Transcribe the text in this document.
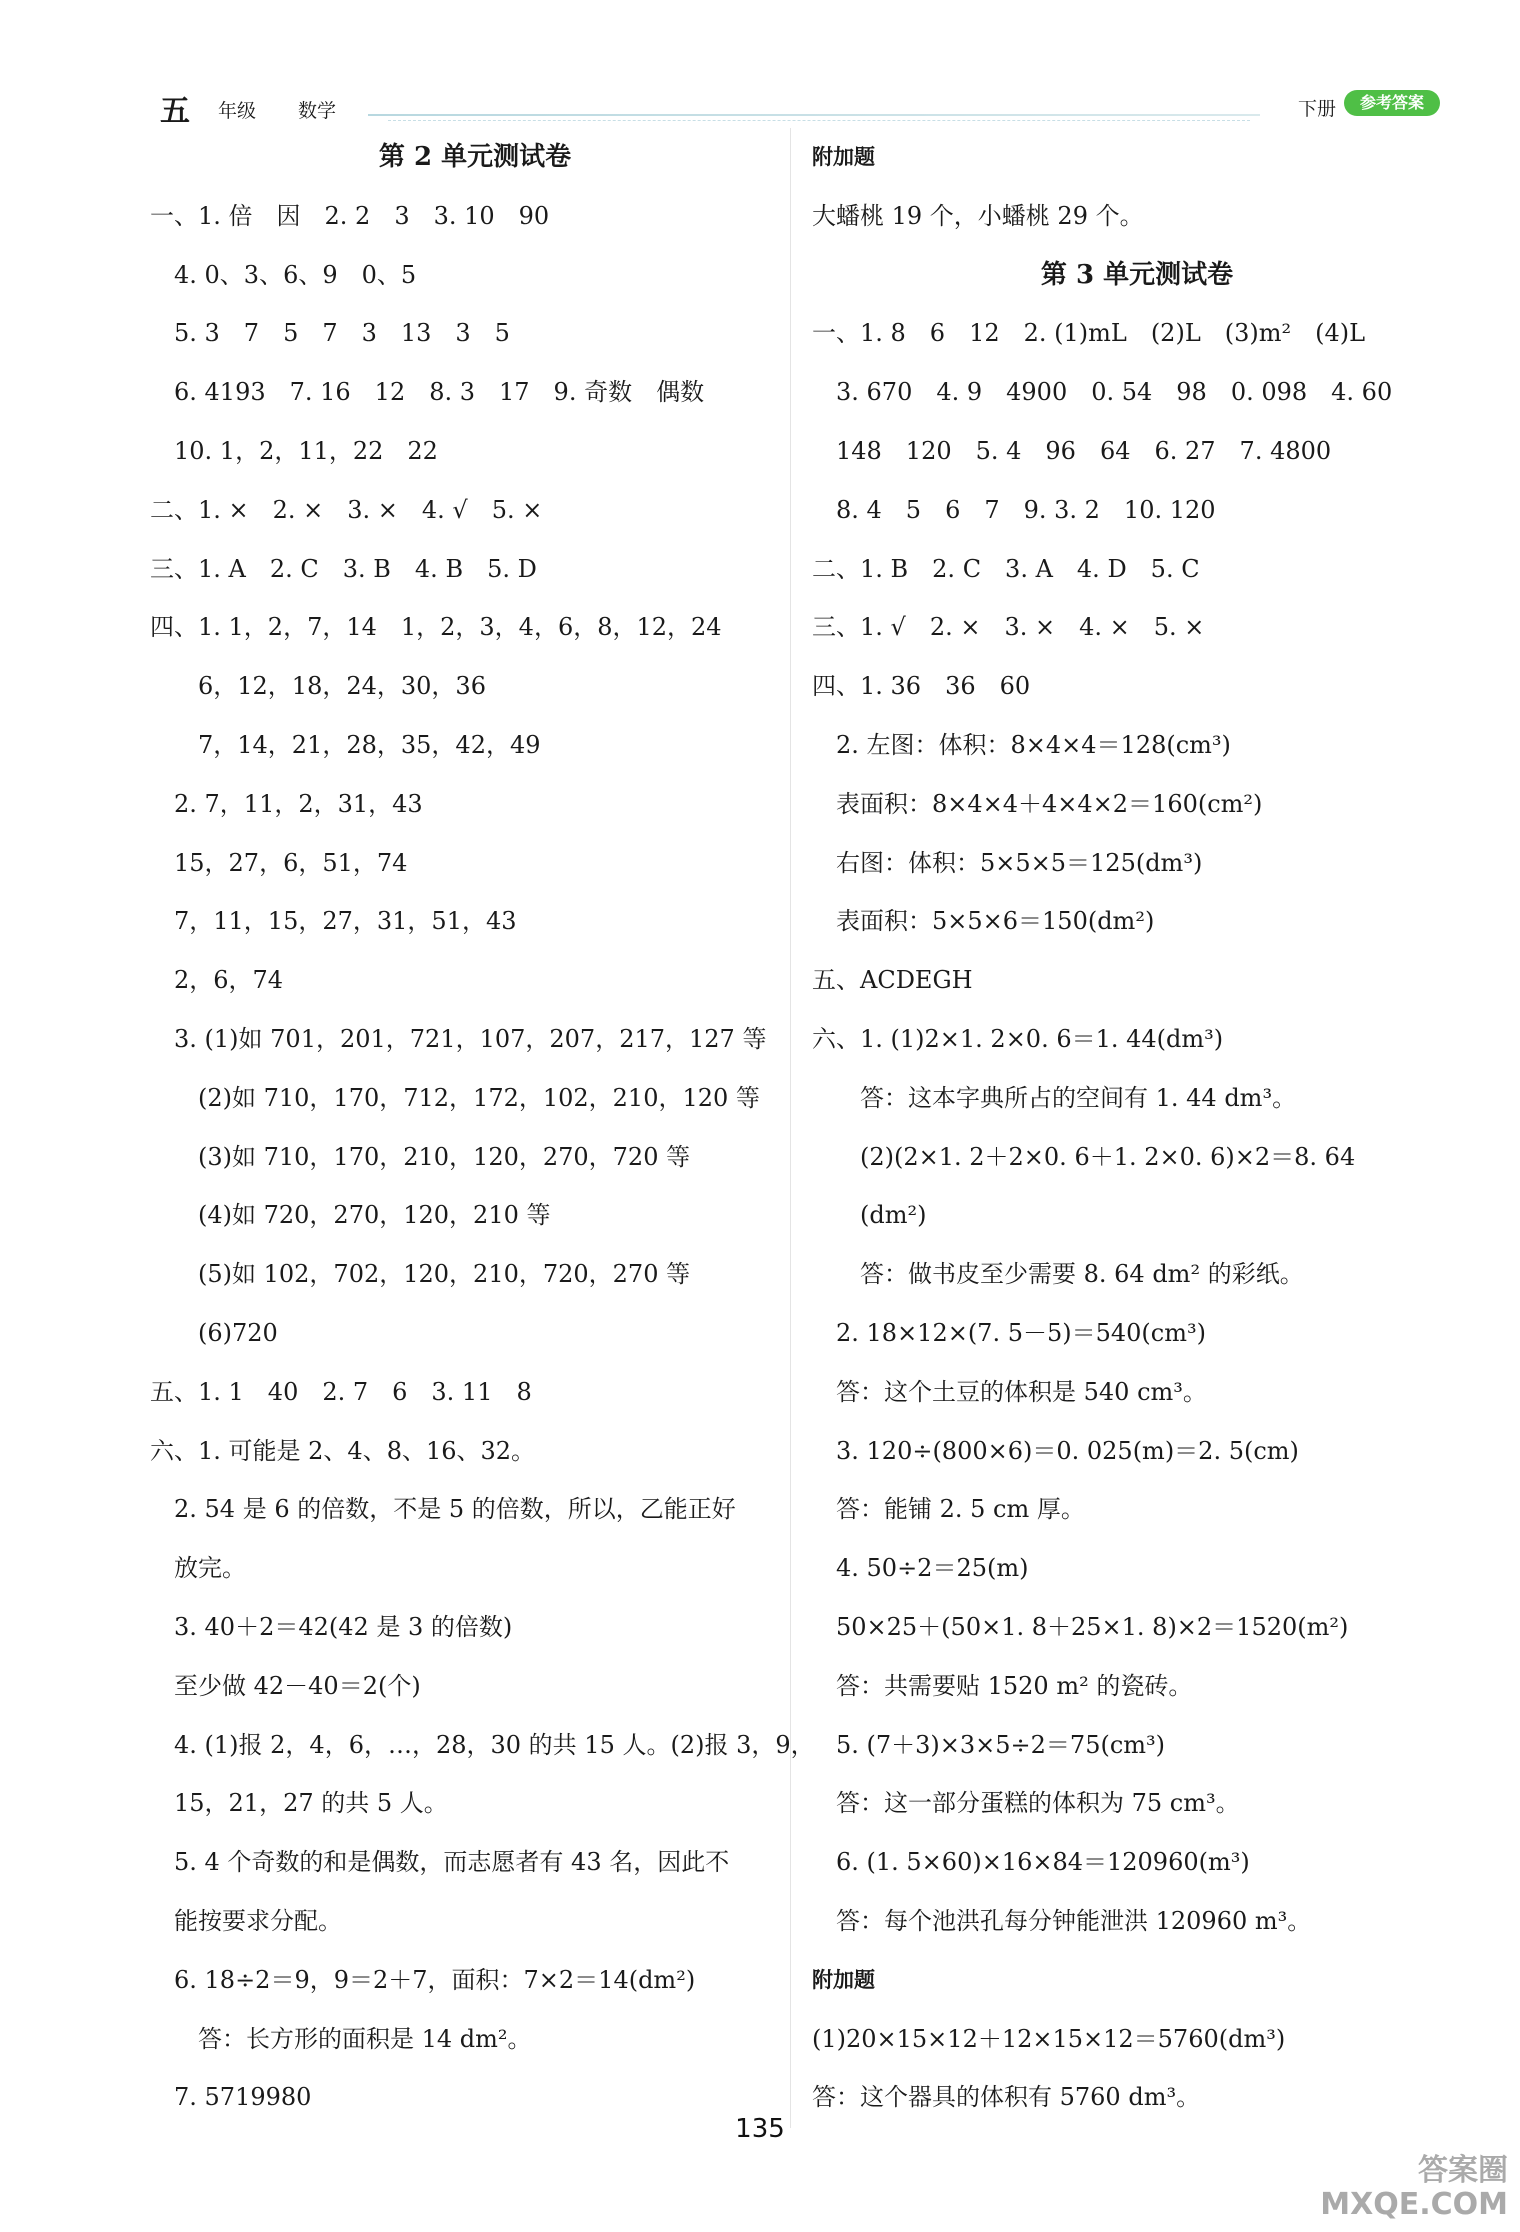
五 年级 数学	下册	参考答案
第 2 单元测试卷
一、1. 倍　因　2. 2　3　3. 10　90
　4. 0、3、6、9　0、5
　5. 3　7　5　7　3　13　3　5
　6. 4193　7. 16　12　8. 3　17　9. 奇数　偶数
　10. 1，2，11，22　22
二、1. ×　2. ×　3. ×　4. √　5. ×
三、1. A　2. C　3. B　4. B　5. D
四、1. 1，2，7，14　1，2，3，4，6，8，12，24
　　6，12，18，24，30，36
　　7，14，21，28，35，42，49
　2. 7，11，2，31，43
　15，27，6，51，74
　7，11，15，27，31，51，43
　2，6，74
　3. (1)如 701，201，721，107，207，217，127 等
　　(2)如 710，170，712，172，102，210，120 等
　　(3)如 710，170，210，120，270，720 等
　　(4)如 720，270，120，210 等
　　(5)如 102，702，120，210，720，270 等
　　(6)720
五、1. 1　40　2. 7　6　3. 11　8
六、1. 可能是 2、4、8、16、32。
　2. 54 是 6 的倍数，不是 5 的倍数，所以，乙能正好
　放完。
　3. 40＋2＝42(42 是 3 的倍数)
　至少做 42－40＝2(个)
　4. (1)报 2，4，6，…，28，30 的共 15 人。(2)报 3，9，
　15，21，27 的共 5 人。
　5. 4 个奇数的和是偶数，而志愿者有 43 名，因此不
　能按要求分配。
　6. 18÷2＝9，9＝2＋7，面积：7×2＝14(dm²)
　　答：长方形的面积是 14 dm²。
　7. 5719980
附加题
大蟠桃 19 个，小蟠桃 29 个。
第 3 单元测试卷
一、1. 8　6　12　2. (1)mL　(2)L　(3)m²　(4)L
　3. 670　4. 9　4900　0. 54　98　0. 098　4. 60
　148　120　5. 4　96　64　6. 27　7. 4800
　8. 4　5　6　7　9. 3. 2　10. 120
二、1. B　2. C　3. A　4. D　5. C
三、1. √　2. ×　3. ×　4. ×　5. ×
四、1. 36　36　60
　2. 左图：体积：8×4×4＝128(cm³)
　表面积：8×4×4＋4×4×2＝160(cm²)
　右图：体积：5×5×5＝125(dm³)
　表面积：5×5×6＝150(dm²)
五、ACDEGH
六、1. (1)2×1. 2×0. 6＝1. 44(dm³)
　　答：这本字典所占的空间有 1. 44 dm³。
　　(2)(2×1. 2＋2×0. 6＋1. 2×0. 6)×2＝8. 64
　　(dm²)
　　答：做书皮至少需要 8. 64 dm² 的彩纸。
　2. 18×12×(7. 5－5)＝540(cm³)
　答：这个土豆的体积是 540 cm³。
　3. 120÷(800×6)＝0. 025(m)＝2. 5(cm)
　答：能铺 2. 5 cm 厚。
　4. 50÷2＝25(m)
　50×25＋(50×1. 8＋25×1. 8)×2＝1520(m²)
　答：共需要贴 1520 m² 的瓷砖。
　5. (7＋3)×3×5÷2＝75(cm³)
　答：这一部分蛋糕的体积为 75 cm³。
　6. (1. 5×60)×16×84＝120960(m³)
　答：每个池洪孔每分钟能泄洪 120960 m³。
附加题
(1)20×15×12＋12×15×12＝5760(dm³)
答：这个器具的体积有 5760 dm³。
135
答案圈
MXQE.COM
